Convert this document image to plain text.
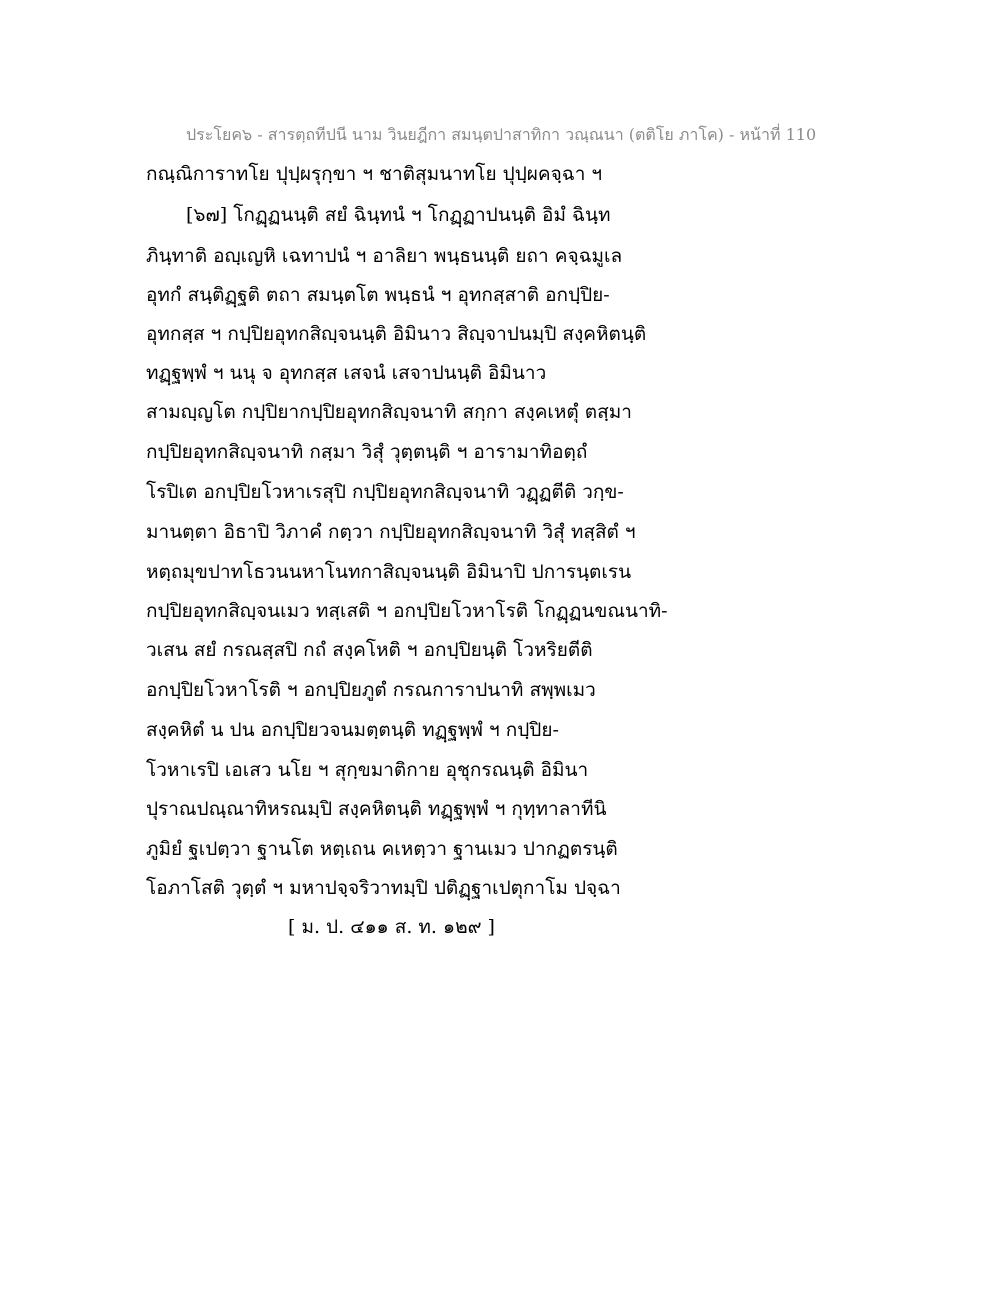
ประโยค๖ - สารตฺถทีปนี นาม วินยฎีกา สมนฺตปาสาทิกา วณฺณนา (ตติโย ภาโค) - หน้าที่ 110
กณฺณิการาทโย ปุปฺผรุกฺขา ฯ ชาติสุมนาทโย ปุปฺผคจฺฉา ฯ
[๖๗] โกฏฺฏนนฺติ สยํ ฉินฺทนํ ฯ โกฏฺฏาปนนฺติ อิมํ ฉินฺท
ภินฺทาติ อญฺเญหิ เฉทาปนํ ฯ อาลิยา พนฺธนนฺติ ยถา คจฺฉมูเล
อุทกํ สนฺติฏฺฐติ ตถา สมนฺตโต พนฺธนํ ฯ อุทกสฺสาติ อกปฺปิย-
อุทกสฺส ฯ กปฺปิยอุทกสิญฺจนนฺติ อิมินาว สิญฺจาปนมฺปิ สงฺคหิตนฺติ
ทฏฺฐพฺพํ ฯ นนุ จ อุทกสฺส เสจนํ เสจาปนนฺติ อิมินาว
สามญฺญโต กปฺปิยากปฺปิยอุทกสิญฺจนาทิ สกฺกา สงฺคเหตุํ ตสฺมา
กปฺปิยอุทกสิญฺจนาทิ กสฺมา วิสุํ วุตฺตนฺติ ฯ อารามาทิอตฺถํ
โรปิเต อกปฺปิยโวหาเรสุปิ กปฺปิยอุทกสิญฺจนาทิ วฏฺฏตีติ วกฺข-
มานตฺตา อิธาปิ วิภาคํ กตฺวา กปฺปิยอุทกสิญฺจนาทิ วิสุํ ทสฺสิตํ ฯ
หตฺถมุขปาทโธวนนหาโนทกาสิญฺจนนฺติ อิมินาปิ ปการนฺตเรน
กปฺปิยอุทกสิญฺจนเมว ทสฺเสติ ฯ อกปฺปิยโวหาโรติ โกฏฺฏนขณนาทิ-
วเสน สยํ กรณสฺสปิ กถํ สงฺคโหติ ฯ อกปฺปิยนฺติ โวหริยตีติ
อกปฺปิยโวหาโรติ ฯ อกปฺปิยภูตํ กรณการาปนาทิ สพฺพเมว
สงฺคหิตํ น ปน อกปฺปิยวจนมตฺตนฺติ ทฏฺฐพฺพํ ฯ กปฺปิย-
โวหาเรปิ เอเสว นโย ฯ สุกฺขมาติกาย อุชุกรณนฺติ อิมินา
ปุราณปณฺณาทิหรณมฺปิ สงฺคหิตนฺติ ทฏฺฐพฺพํ ฯ กุทฺทาลาทีนิ
ภูมิยํ ฐเปตฺวา ฐานโต หตฺเถน คเหตฺวา ฐานเมว ปากฏตรนฺติ
โอภาโสติ วุตฺตํ ฯ มหาปจฺจริวาทมฺปิ ปติฏฺฐาเปตุกาโม ปจฺฉา
[ ม. ป. ๔๑๑ ส. ท. ๑๒๙ ]
